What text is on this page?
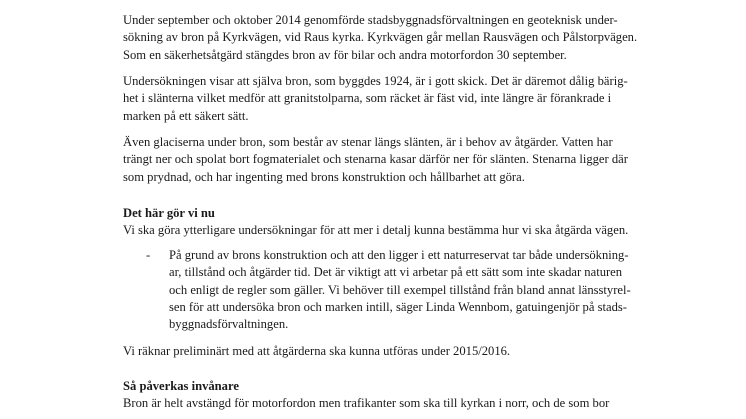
Under september och oktober 2014 genomförde stadsbyggnadsförvaltningen en geoteknisk under-
sökning av bron på Kyrkvägen, vid Raus kyrka. Kyrkvägen går mellan Rausvägen och Pålstorpvägen.
Som en säkerhetsåtgärd stängdes bron av för bilar och andra motorfordon 30 september.

Undersökningen visar att själva bron, som byggdes 1924, är i gott skick. Det är däremot dålig bärig-
het i slänterna vilket medför att granitstolparna, som räcket är fäst vid, inte längre är förankrade i
marken på ett säkert sätt.

Även glaciserna under bron, som består av stenar längs slänten, är i behov av åtgärder. Vatten har
trängt ner och spolat bort fogmaterialet och stenarna kasar därför ner för slänten. Stenarna ligger där
som prydnad, och har ingenting med brons konstruktion och hållbarhet att göra.

Det här gör vi nu

Vi ska göra ytterligare undersökningar för att mer i detalj kunna bestämma hur vi ska åtgärda vägen.

- På grund av brons konstruktion och att den ligger i ett naturreservat tar både undersökning-
ar, tillstånd och åtgärder tid. Det är viktigt att vi arbetar på ett sätt som inte skadar naturen
och enligt de regler som gäller. Vi behöver till exempel tillstånd från bland annat länsstyrel-
sen för att undersöka bron och marken intill, säger Linda Wennbom, gatuingenjör på stads-
byggnadsförvaltningen.

Vi räknar preliminärt med att åtgärderna ska kunna utföras under 2015/2016.

Så påverkas invånare

Bron är helt avstängd för motorfordon men trafikanter som ska till kyrkan i norr, och de som bor
